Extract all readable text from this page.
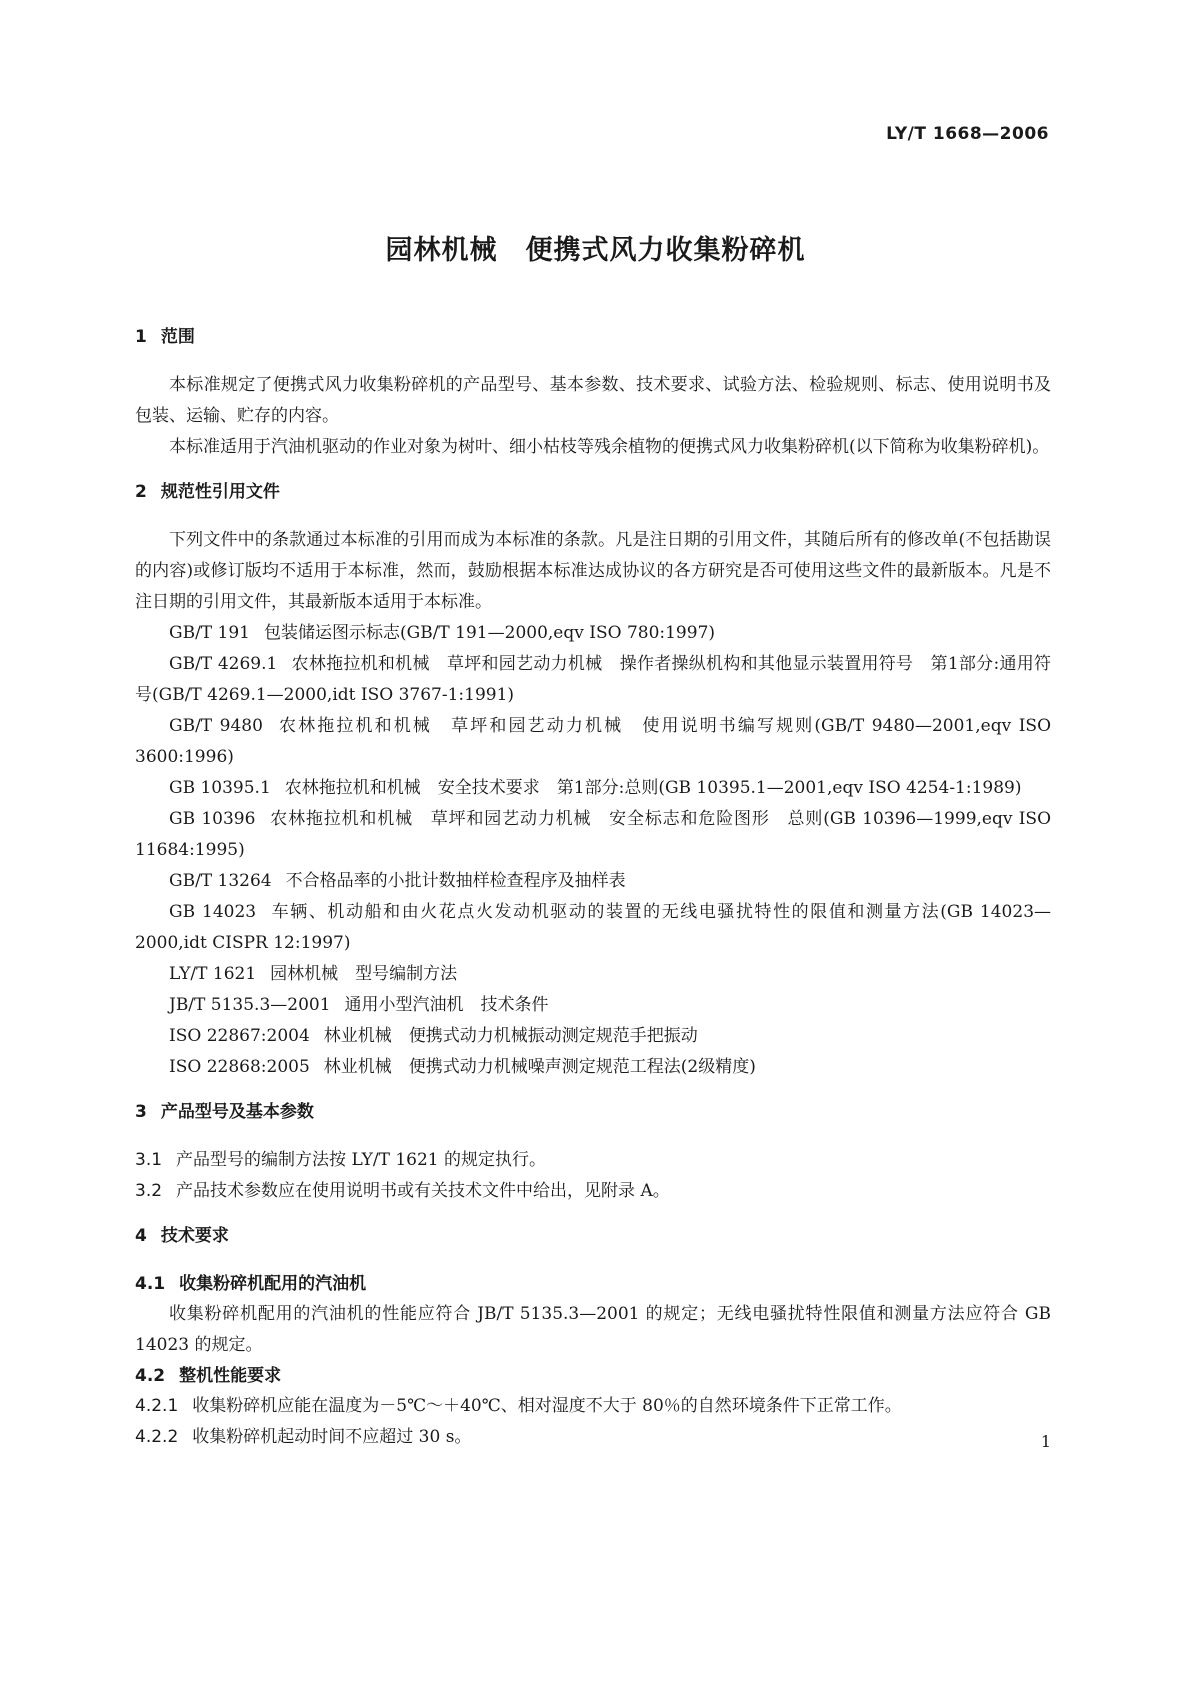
LY/T 1668—2006
园林机械 便携式风力收集粉碎机
1 范围

本标准规定了便携式风力收集粉碎机的产品型号、基本参数、技术要求、试验方法、检验规则、标志、使用说明书及包装、运输、贮存的内容。

本标准适用于汽油机驱动的作业对象为树叶、细小枯枝等残余植物的便携式风力收集粉碎机(以下简称为收集粉碎机)。

2 规范性引用文件

下列文件中的条款通过本标准的引用而成为本标准的条款。凡是注日期的引用文件，其随后所有的修改单(不包括勘误的内容)或修订版均不适用于本标准，然而，鼓励根据本标准达成协议的各方研究是否可使用这些文件的最新版本。凡是不注日期的引用文件，其最新版本适用于本标准。

GB/T 191 包装储运图示标志(GB/T 191—2000,eqv ISO 780:1997)

GB/T 4269.1 农林拖拉机和机械　草坪和园艺动力机械　操作者操纵机构和其他显示装置用符号　第1部分:通用符号(GB/T 4269.1—2000,idt ISO 3767-1:1991)

GB/T 9480 农林拖拉机和机械　草坪和园艺动力机械　使用说明书编写规则(GB/T 9480—2001,eqv ISO 3600:1996)

GB 10395.1 农林拖拉机和机械　安全技术要求　第1部分:总则(GB 10395.1—2001,eqv ISO 4254-1:1989)

GB 10396 农林拖拉机和机械　草坪和园艺动力机械　安全标志和危险图形　总则(GB 10396—1999,eqv ISO 11684:1995)

GB/T 13264 不合格品率的小批计数抽样检查程序及抽样表

GB 14023 车辆、机动船和由火花点火发动机驱动的装置的无线电骚扰特性的限值和测量方法(GB 14023—2000,idt CISPR 12:1997)

LY/T 1621 园林机械　型号编制方法

JB/T 5135.3—2001 通用小型汽油机　技术条件

ISO 22867:2004 林业机械　便携式动力机械振动测定规范手把振动

ISO 22868:2005 林业机械　便携式动力机械噪声测定规范工程法(2级精度)

3 产品型号及基本参数

3.1 产品型号的编制方法按 LY/T 1621 的规定执行。

3.2 产品技术参数应在使用说明书或有关技术文件中给出，见附录 A。

4 技术要求
4.1 收集粉碎机配用的汽油机

收集粉碎机配用的汽油机的性能应符合 JB/T 5135.3—2001 的规定；无线电骚扰特性限值和测量方法应符合 GB 14023 的规定。

4.2 整机性能要求

4.2.1 收集粉碎机应能在温度为－5℃～＋40℃、相对湿度不大于 80％的自然环境条件下正常工作。

4.2.2 收集粉碎机起动时间不应超过 30 s。	1
